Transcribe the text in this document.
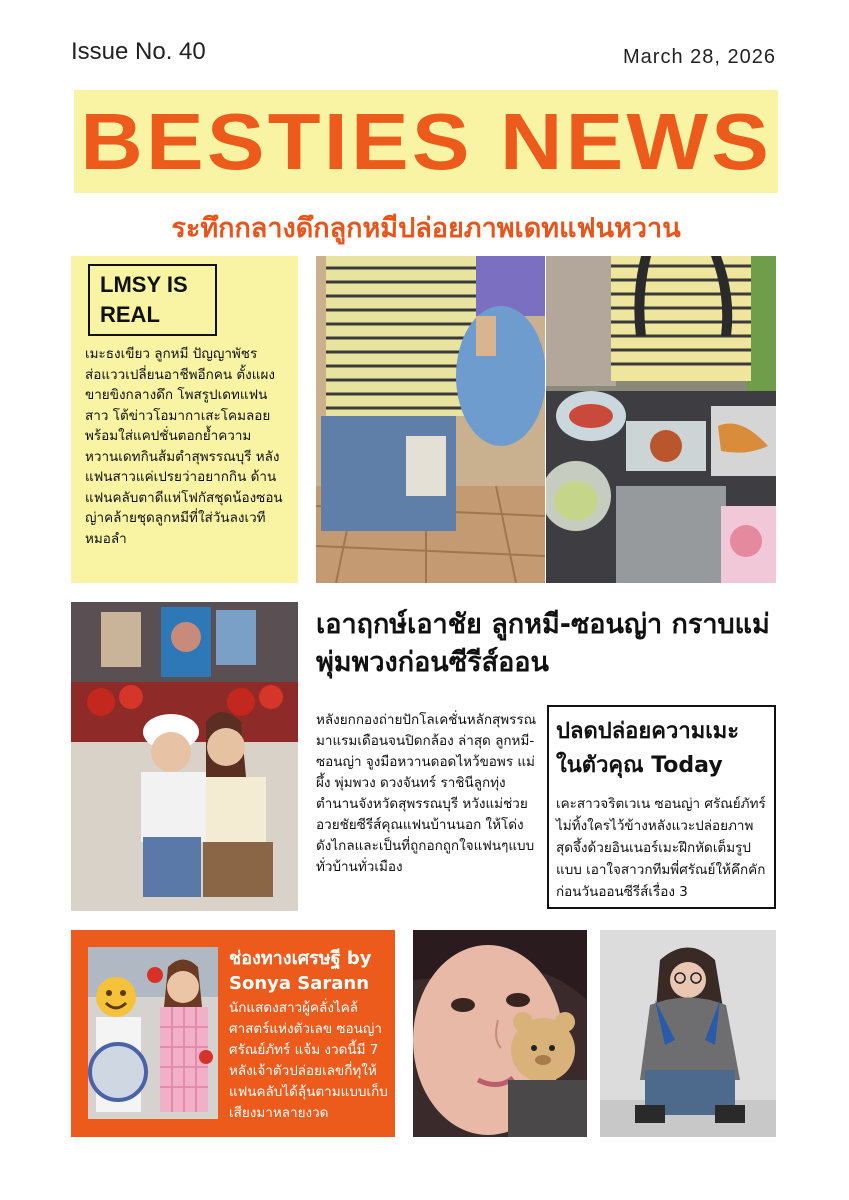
Issue No. 40	March 28, 2026
BESTIES NEWS
ระทึกกลางดึกลูกหมีปล่อยภาพเดทแฟนหวาน
LMSY IS REAL

เมะธงเขียว ลูกหมี ปัญญาพัชร ส่อแววเปลี่ยนอาชีพอีกคน ตั้งแผงขายขิงกลางดึก โพสรูปเดทแฟนสาว โต้ข่าวโอมากาเสะโคมลอย พร้อมใส่แคปชั่นตอกย้ำความหวานเดทกินส้มตำสุพรรณบุรี หลังแฟนสาวแค่เปรยว่าอยากกิน ด้านแฟนคลับตาดีแห่โฟกัสชุดน้องซอนญ่าคล้ายชุดลูกหมีที่ใส่วันลงเวทีหมอลำ

เอาฤกษ์เอาชัย ลูกหมี-ซอนญ่า กราบแม่พุ่มพวงก่อนซีรีส์ออน
หลังยกกองถ่ายปักโลเคชั่นหลักสุพรรณมาแรมเดือนจนปิดกล้อง ล่าสุด ลูกหมี-ซอนญ่า จูงมือหวานดอดไหว้ขอพร แม่ผึ้ง พุ่มพวง ดวงจันทร์ ราชินีลูกทุ่งตำนานจังหวัดสุพรรณบุรี หวังแม่ช่วยอวยชัยซีรีส์คุณแฟนบ้านนอก ให้โด่งดังไกลและเป็นที่ถูกอกถูกใจแฟนๆแบบทั่วบ้านทั่วเมือง
ปลดปล่อยความเมะ ในตัวคุณ Today

เคะสาวจริตเวเน ซอนญ่า ศรัณย์ภัทร์ ไม่ทิ้งใครไว้ข้างหลังแวะปล่อยภาพสุดจึ้งด้วยอินเนอร์เมะฝึกหัดเต็มรูปแบบ เอาใจสาวกทีมพี่ศรัณย์ให้คึกคักก่อนวันออนซีรีส์เรื่อง 3

ช่องทางเศรษฐี by Sonya Sarann
นักแสดงสาวผู้คลั่งไคล้ศาสตร์แห่งตัวเลข ซอนญ่า ศรัณย์ภัทร์ แจ้ม งวดนี้มี 7 หลังเจ้าตัวปล่อยเลขกี่ทุให้แฟนคลับได้ลุ้นตามแบบเก็บเสียงมาหลายงวด
